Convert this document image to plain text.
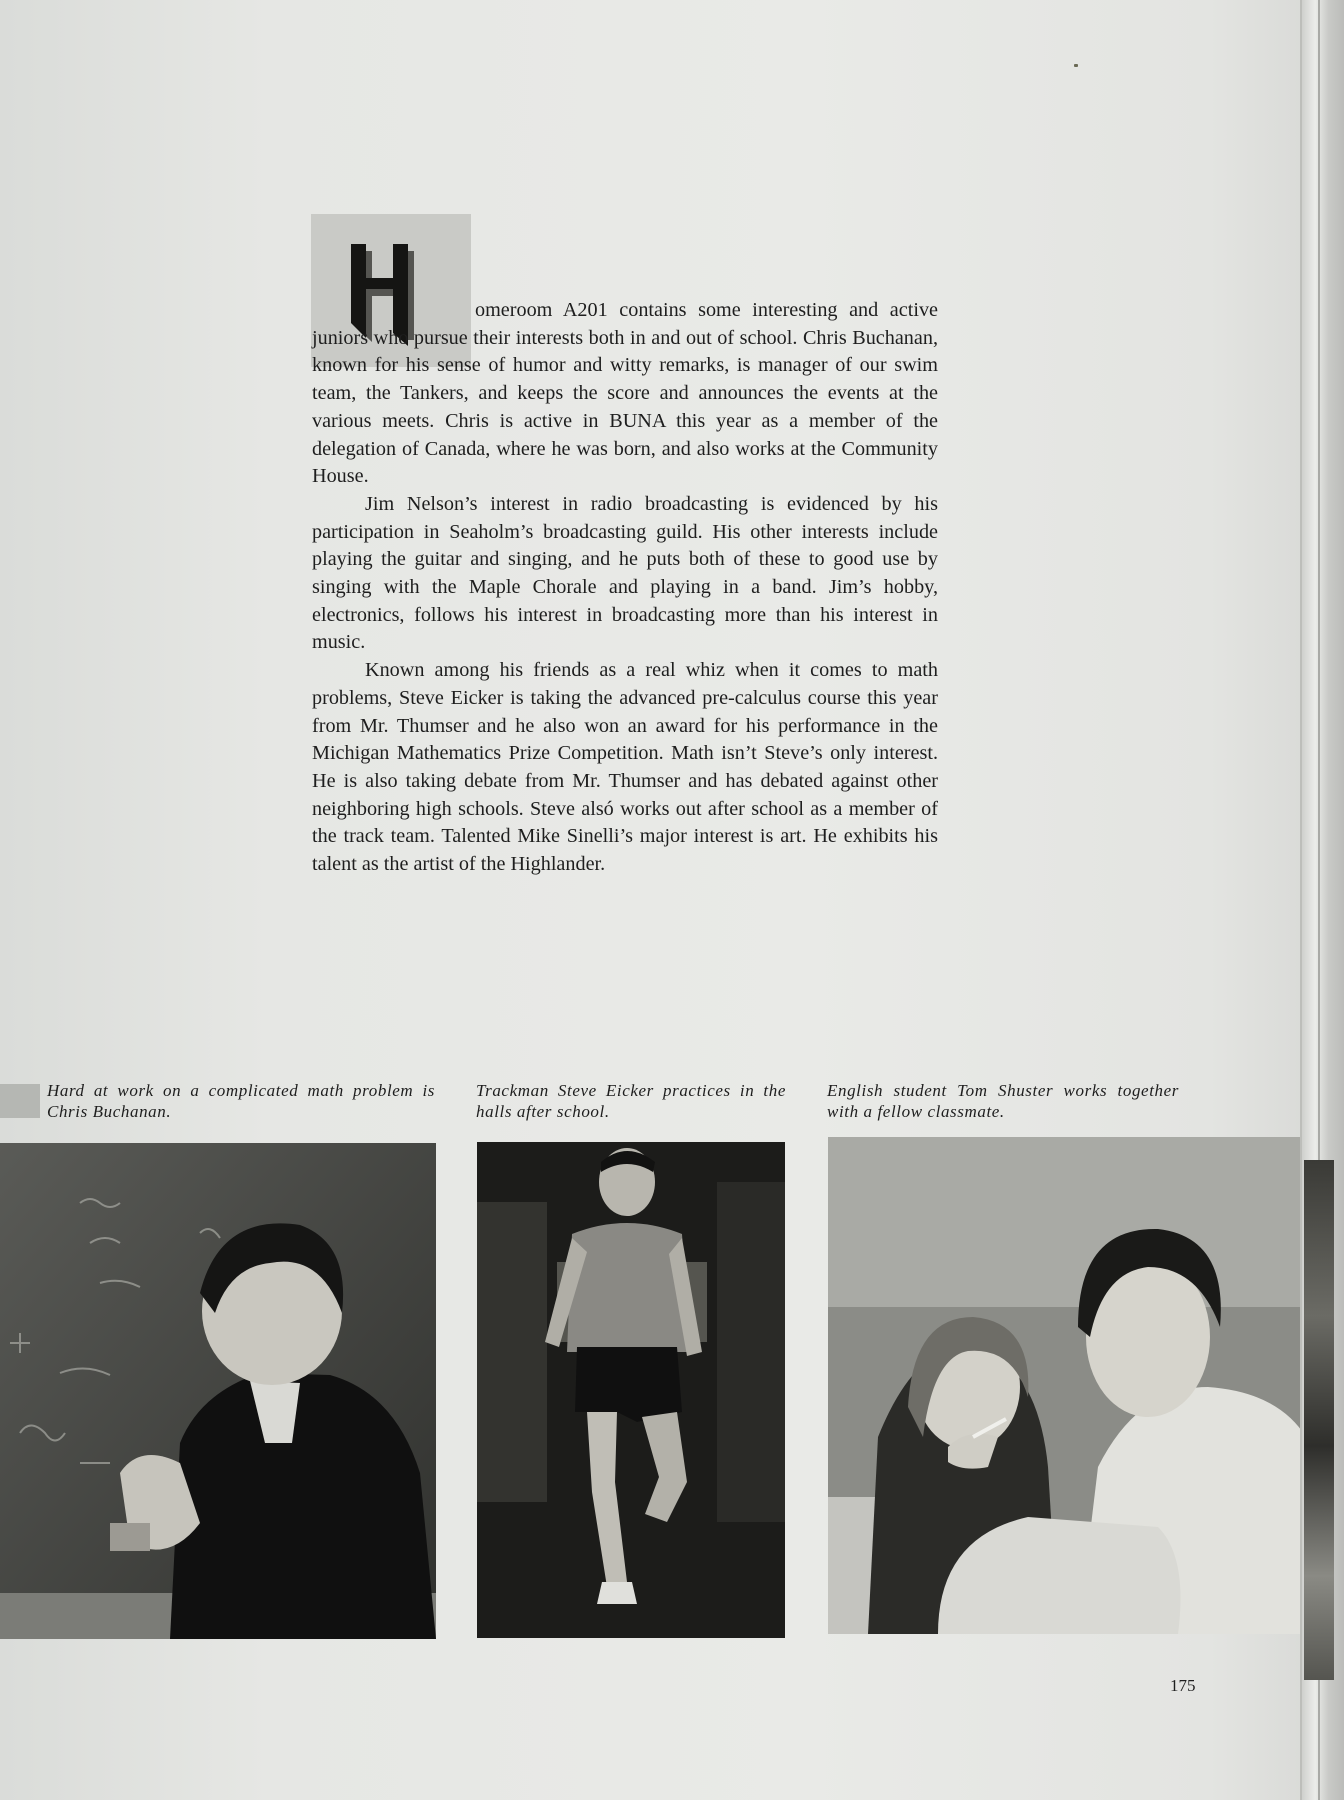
omeroom A201 contains some interesting and active juniors who pursue their interests both in and out of school. Chris Buchanan, known for his sense of humor and witty remarks, is manager of our swim team, the Tankers, and keeps the score and announces the events at the various meets. Chris is active in BUNA this year as a member of the delegation of Canada, where he was born, and also works at the Community House.

Jim Nelson’s interest in radio broadcasting is evidenced by his participation in Seaholm’s broadcasting guild. His other interests include playing the guitar and singing, and he puts both of these to good use by singing with the Maple Chorale and playing in a band. Jim’s hobby, electronics, follows his interest in broadcasting more than his interest in music.

Known among his friends as a real whiz when it comes to math problems, Steve Eicker is taking the advanced pre-calculus course this year from Mr. Thumser and he also won an award for his performance in the Michigan Mathematics Prize Competition. Math isn’t Steve’s only interest. He is also taking debate from Mr. Thumser and has debated against other neighboring high schools. Steve alsó works out after school as a member of the track team. Talented Mike Sinelli’s major interest is art. He exhibits his talent as the artist of the Highlander.

Hard at work on a complicated math problem is Chris Buchanan.
Trackman Steve Eicker practices in the halls after school.
English student Tom Shuster works together with a fellow classmate.
175
